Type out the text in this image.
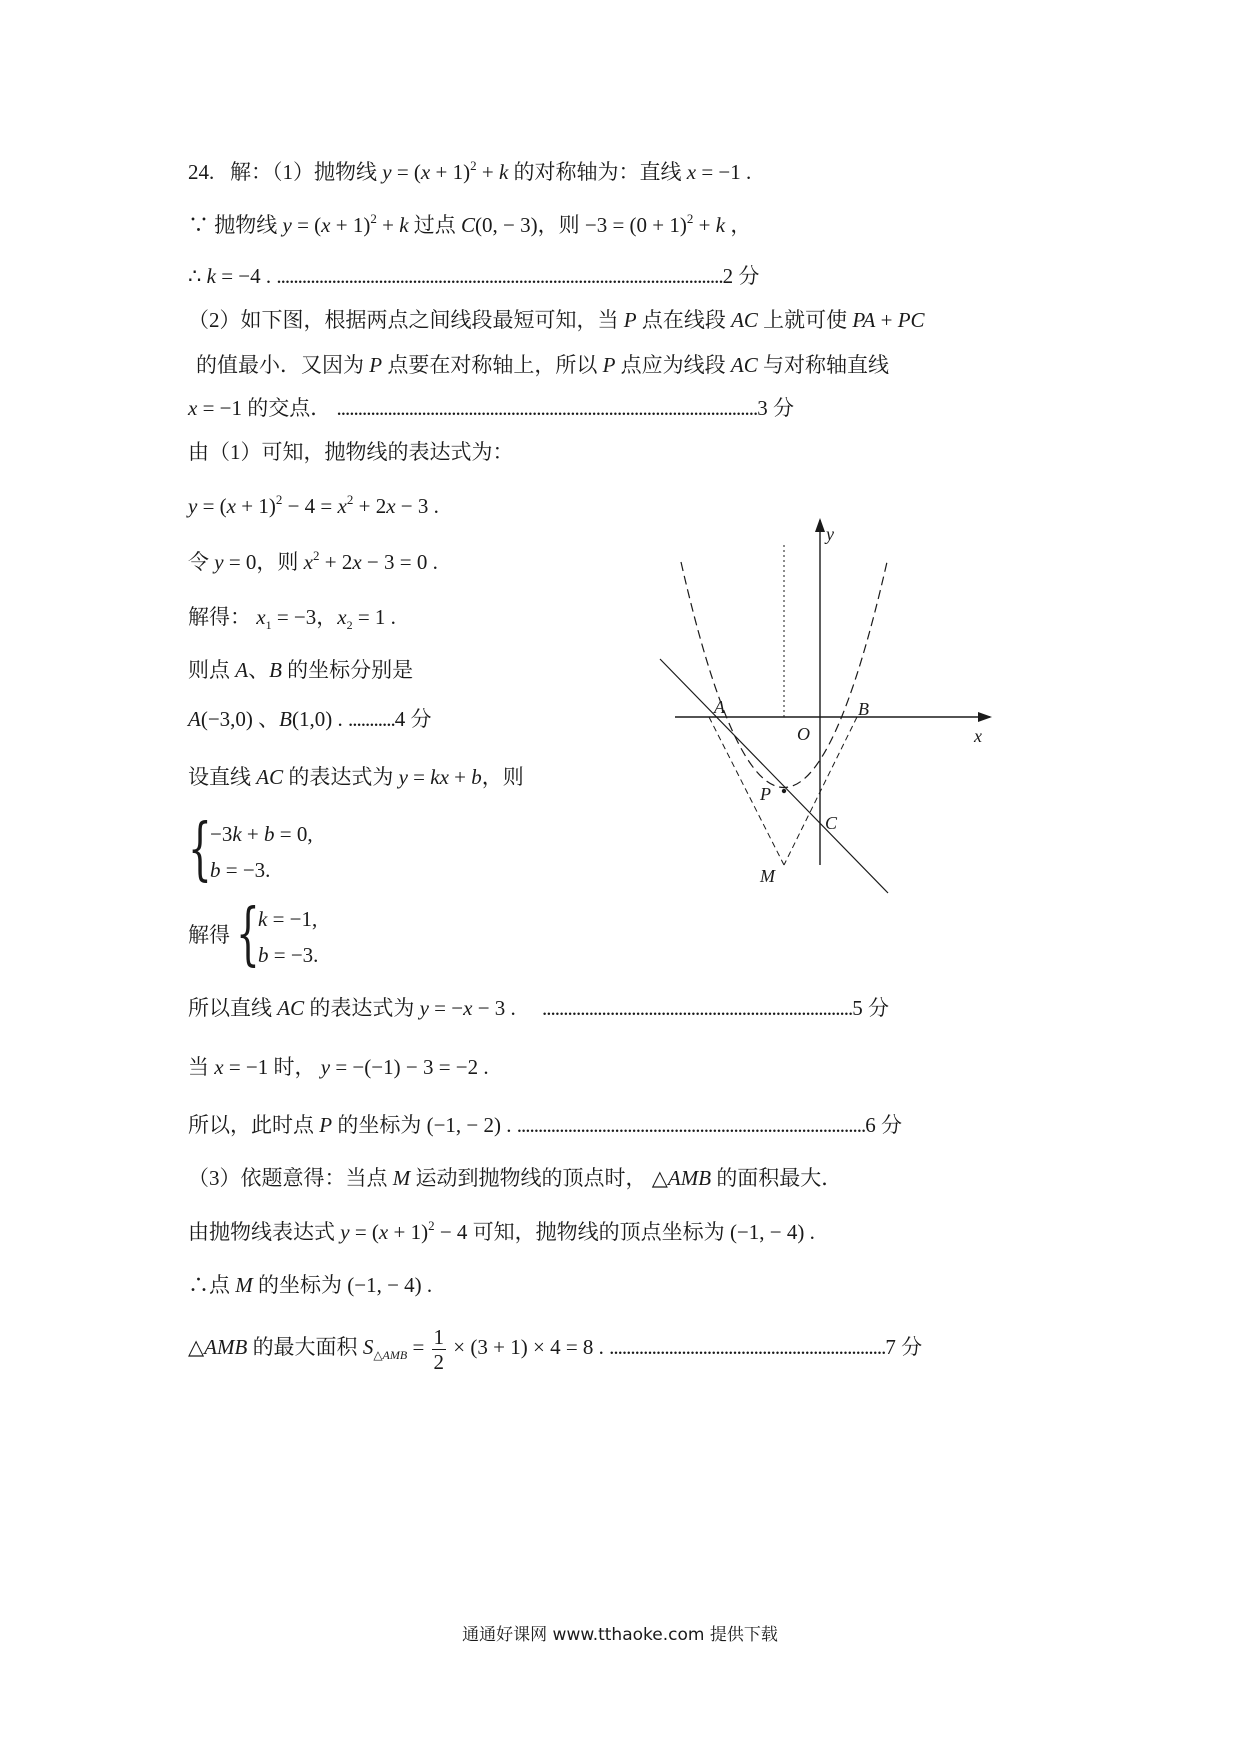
24. 解：（1）抛物线 $y = (x + 1)^2 + k$ 的对称轴为：直线 x = −1 .
∵ 抛物线 $y = (x + 1)^2 + k$ 过点 C(0, − 3)，则 $-3 = (0 + 1)^2 + k$ ，
∴ k = −4 . .........................................................................................................2 分
（2）如下图，根据两点之间线段最短可知，当 P 点在线段 AC 上就可使 PA + PC
的值最小．又因为 P 点要在对称轴上，所以 P 点应为线段 AC 与对称轴直线
x = −1 的交点． ...................................................................................................3 分
由（1）可知，抛物线的表达式为：
$y = (x + 1)^2 - 4 = x^2 + 2x - 3$ .
令 y = 0，则 $x^2 + 2x - 3 = 0$ .
解得： $x_1 = -3$，$x_2 = 1$ .
则点 A、B 的坐标分别是
A(−3,0) 、B(1,0) . ...........4 分
设直线 AC 的表达式为 y = kx + b，则
{
−3k + b = 0,
b = −3.
解得 {
k = −1,
b = −3.
所以直线 AC 的表达式为 y = −x − 3 .     .........................................................................5 分
当 x = −1 时， y = −(−1) − 3 = −2 .
所以，此时点 P 的坐标为 (−1, − 2) . ..................................................................................6 分
（3）依题意得：当点 M 运动到抛物线的顶点时， △AMB 的面积最大．
由抛物线表达式 $y = (x + 1)^2 - 4$ 可知，抛物线的顶点坐标为 (−1, − 4) .
∴点 M 的坐标为 (−1, − 4) .
△AMB 的最大面积 $S_{\triangle AMB} = \frac{1}{2} \times (3 + 1) \times 4 = 8$ . .................................................................7 分
A	B
O
C
P
M
x
y
通通好课网 www.tthaoke.com 提供下载
